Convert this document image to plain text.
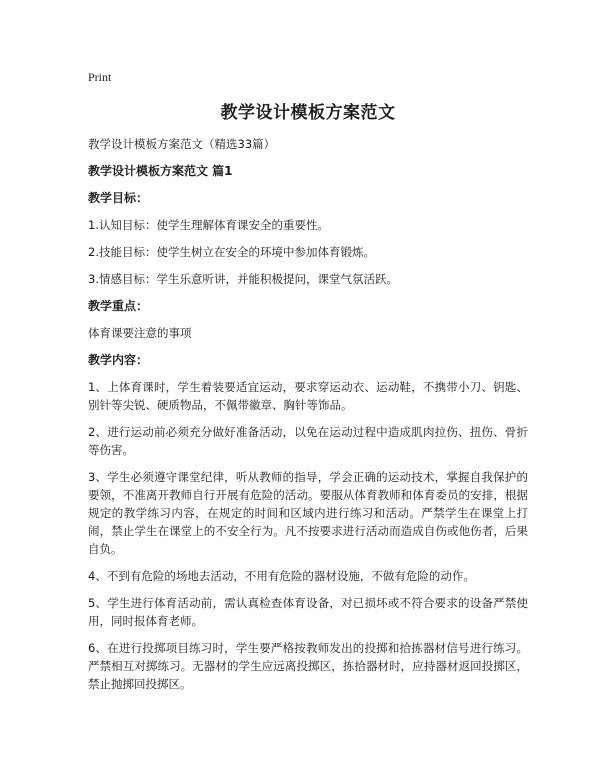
Print
教学设计模板方案范文
教学设计模板方案范文（精选33篇）
教学设计模板方案范文 篇1
教学目标：
1.认知目标：使学生理解体育课安全的重要性。
2.技能目标：使学生树立在安全的环境中参加体育锻炼。
3.情感目标：学生乐意听讲，并能积极提问，课堂气氛活跃。
教学重点：
体育课要注意的事项
教学内容：
1、上体育课时，学生着装要适宜运动，要求穿运动衣、运动鞋，不携带小刀、钥匙、别针等尖锐、硬质物品，不佩带徽章、胸针等饰品。
2、进行运动前必须充分做好准备活动，以免在运动过程中造成肌肉拉伤、扭伤、骨折等伤害。
3、学生必须遵守课堂纪律，听从教师的指导，学会正确的运动技术，掌握自我保护的要领，不准离开教师自行开展有危险的活动。要服从体育教师和体育委员的安排，根据规定的教学练习内容，在规定的时间和区域内进行练习和活动。严禁学生在课堂上打闹，禁止学生在课堂上的不安全行为。凡不按要求进行活动而造成自伤或他伤者，后果自负。
4、不到有危险的场地去活动，不用有危险的器材设施，不做有危险的动作。
5、学生进行体育活动前，需认真检查体育设备，对已损坏或不符合要求的设备严禁使用，同时报体育老师。
6、在进行投掷项目练习时，学生要严格按教师发出的投掷和拾拣器材信号进行练习。严禁相互对掷练习。无器材的学生应远离投掷区，拣拾器材时，应持器材返回投掷区，禁止抛掷回投掷区。
